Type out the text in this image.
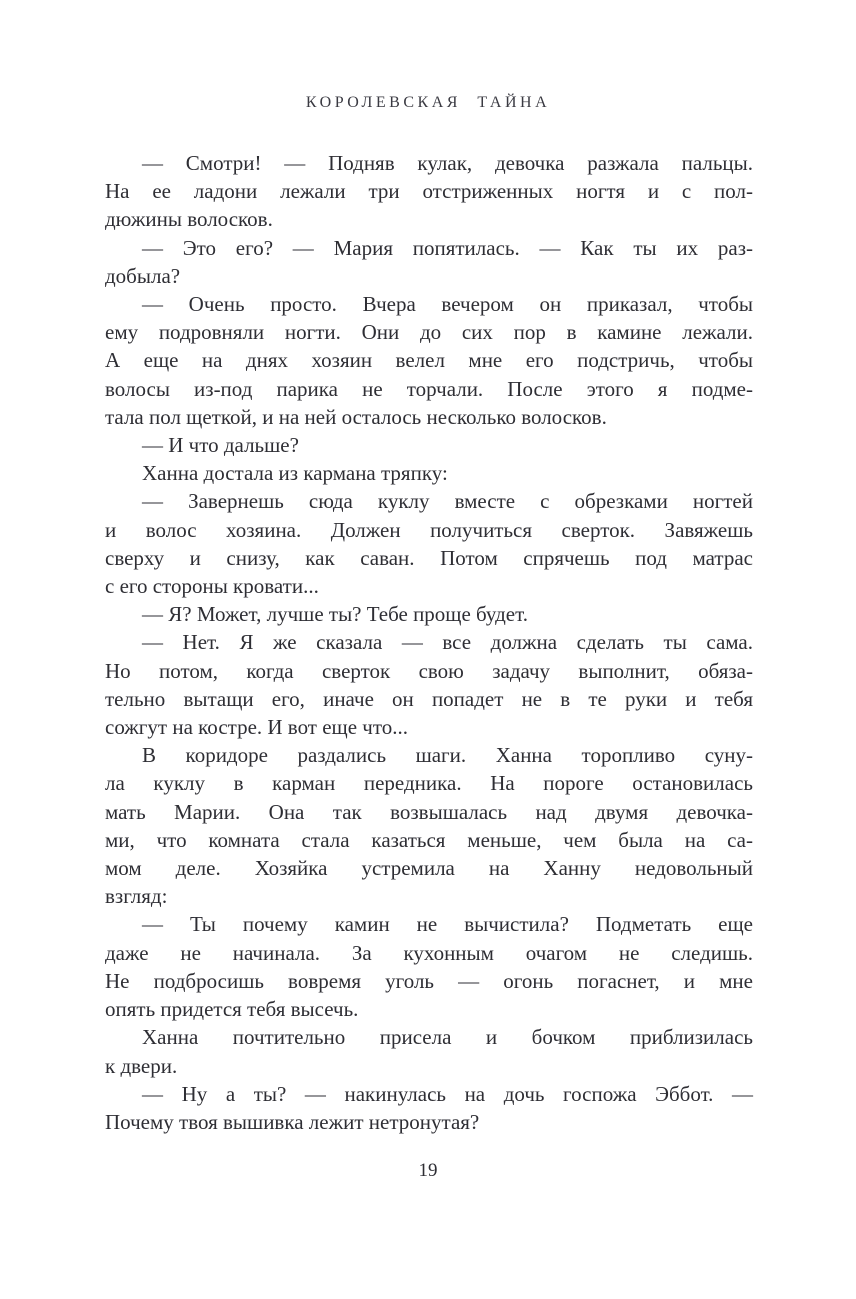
КОРОЛЕВСКАЯ ТАЙНА
— Смотри! — Подняв кулак, девочка разжала пальцы.
На ее ладони лежали три отстриженных ногтя и с пол-
дюжины волосков.
— Это его? — Мария попятилась. — Как ты их раз-
добыла?
— Очень просто. Вчера вечером он приказал, чтобы
ему подровняли ногти. Они до сих пор в камине лежали.
А еще на днях хозяин велел мне его подстричь, чтобы
волосы из-под парика не торчали. После этого я подме-
тала пол щеткой, и на ней осталось несколько волосков.
— И что дальше?
Ханна достала из кармана тряпку:
— Завернешь сюда куклу вместе с обрезками ногтей
и волос хозяина. Должен получиться сверток. Завяжешь
сверху и снизу, как саван. Потом спрячешь под матрас
с его стороны кровати...
— Я? Может, лучше ты? Тебе проще будет.
— Нет. Я же сказала — все должна сделать ты сама.
Но потом, когда сверток свою задачу выполнит, обяза-
тельно вытащи его, иначе он попадет не в те руки и тебя
сожгут на костре. И вот еще что...
В коридоре раздались шаги. Ханна торопливо суну-
ла куклу в карман передника. На пороге остановилась
мать Марии. Она так возвышалась над двумя девочка-
ми, что комната стала казаться меньше, чем была на са-
мом деле. Хозяйка устремила на Ханну недовольный
взгляд:
— Ты почему камин не вычистила? Подметать еще
даже не начинала. За кухонным очагом не следишь.
Не подбросишь вовремя уголь — огонь погаснет, и мне
опять придется тебя высечь.
Ханна почтительно присела и бочком приблизилась
к двери.
— Ну а ты? — накинулась на дочь госпожа Эббот. —
Почему твоя вышивка лежит нетронутая?
19
